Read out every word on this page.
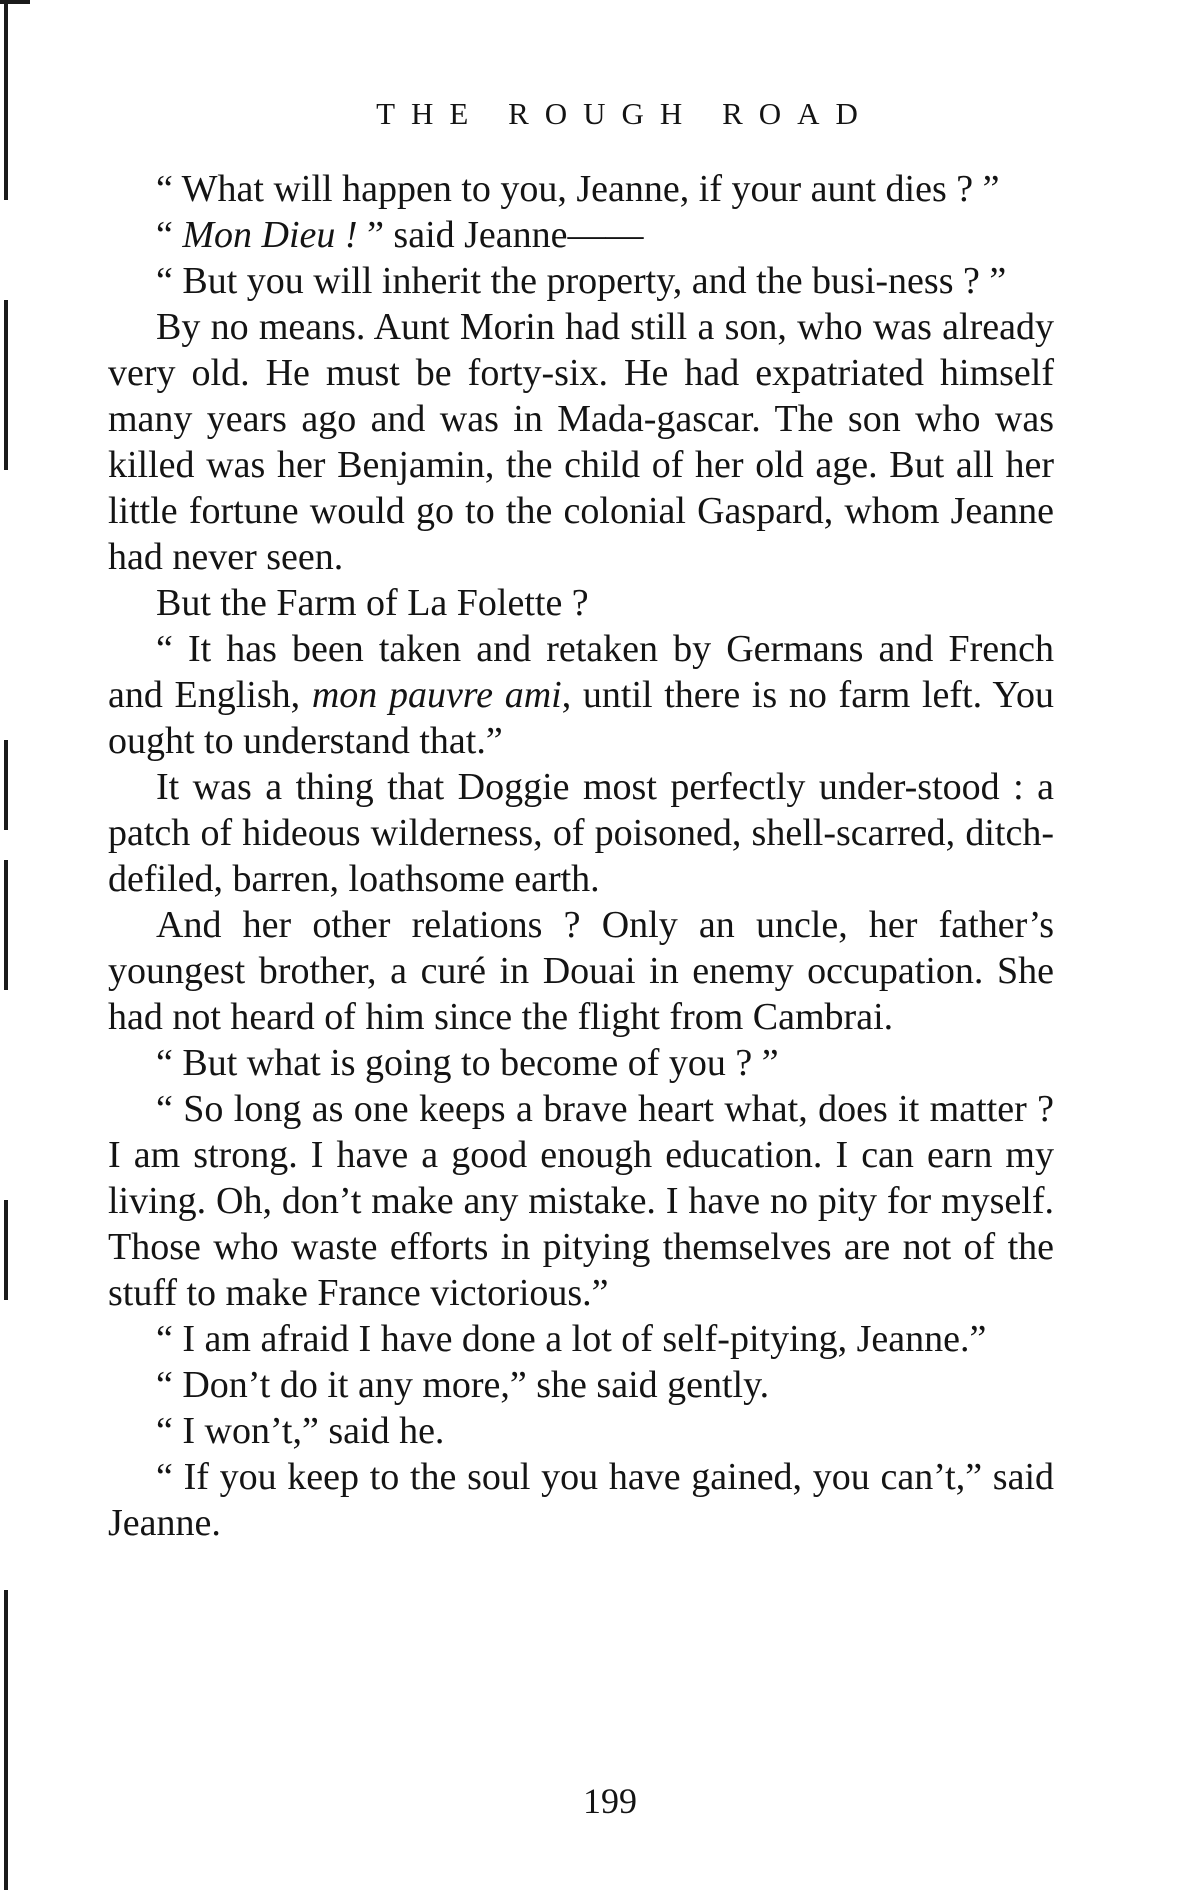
THE ROUGH ROAD

“ What will happen to you, Jeanne, if your aunt dies ? ”

“ Mon Dieu ! ” said Jeanne——

“ But you will inherit the property, and the busi-ness ? ”

By no means. Aunt Morin had still a son, who was already very old. He must be forty-six. He had expatriated himself many years ago and was in Mada-gascar. The son who was killed was her Benjamin, the child of her old age. But all her little fortune would go to the colonial Gaspard, whom Jeanne had never seen.

But the Farm of La Folette ?

“ It has been taken and retaken by Germans and French and English, mon pauvre ami, until there is no farm left. You ought to understand that.”

It was a thing that Doggie most perfectly under-stood : a patch of hideous wilderness, of poisoned, shell-scarred, ditch-defiled, barren, loathsome earth.

And her other relations ? Only an uncle, her father’s youngest brother, a curé in Douai in enemy occupation. She had not heard of him since the flight from Cambrai.

“ But what is going to become of you ? ”

“ So long as one keeps a brave heart what, does it matter ? I am strong. I have a good enough education. I can earn my living. Oh, don’t make any mistake. I have no pity for myself. Those who waste efforts in pitying themselves are not of the stuff to make France victorious.”

“ I am afraid I have done a lot of self-pitying, Jeanne.”

“ Don’t do it any more,” she said gently.

“ I won’t,” said he.

“ If you keep to the soul you have gained, you can’t,” said Jeanne.

199
